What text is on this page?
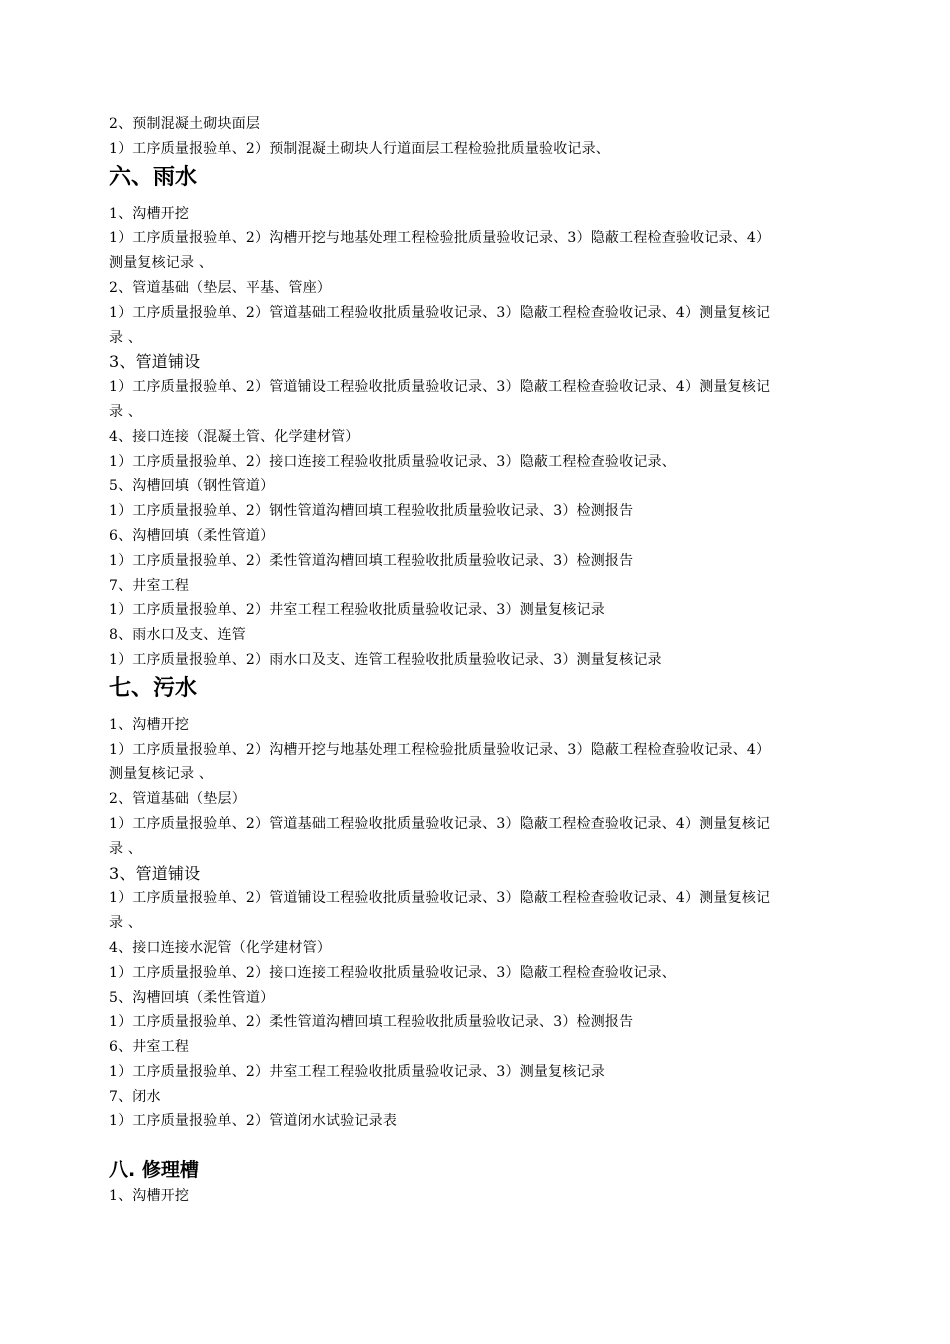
2、预制混凝土砌块面层
1）工序质量报验单、2）预制混凝土砌块人行道面层工程检验批质量验收记录、
六、雨水
1、沟槽开挖
1）工序质量报验单、2）沟槽开挖与地基处理工程检验批质量验收记录、3）隐蔽工程检查验收记录、4）
测量复核记录 、
2、管道基础（垫层、平基、管座）
1）工序质量报验单、2）管道基础工程验收批质量验收记录、3）隐蔽工程检查验收记录、4）测量复核记
录 、
3、管道铺设
1）工序质量报验单、2）管道铺设工程验收批质量验收记录、3）隐蔽工程检查验收记录、4）测量复核记
录 、
4、接口连接（混凝土管、化学建材管）
1）工序质量报验单、2）接口连接工程验收批质量验收记录、3）隐蔽工程检查验收记录、
5、沟槽回填（钢性管道）
1）工序质量报验单、2）钢性管道沟槽回填工程验收批质量验收记录、3）检测报告
6、沟槽回填（柔性管道）
1）工序质量报验单、2）柔性管道沟槽回填工程验收批质量验收记录、3）检测报告
7、井室工程
1）工序质量报验单、2）井室工程工程验收批质量验收记录、3）测量复核记录
8、雨水口及支、连管
1）工序质量报验单、2）雨水口及支、连管工程验收批质量验收记录、3）测量复核记录
七、污水
1、沟槽开挖
1）工序质量报验单、2）沟槽开挖与地基处理工程检验批质量验收记录、3）隐蔽工程检查验收记录、4）
测量复核记录 、
2、管道基础（垫层）
1）工序质量报验单、2）管道基础工程验收批质量验收记录、3）隐蔽工程检查验收记录、4）测量复核记
录 、
3、管道铺设
1）工序质量报验单、2）管道铺设工程验收批质量验收记录、3）隐蔽工程检查验收记录、4）测量复核记
录 、
4、接口连接水泥管（化学建材管）
1）工序质量报验单、2）接口连接工程验收批质量验收记录、3）隐蔽工程检查验收记录、
5、沟槽回填（柔性管道）
1）工序质量报验单、2）柔性管道沟槽回填工程验收批质量验收记录、3）检测报告
6、井室工程
1）工序质量报验单、2）井室工程工程验收批质量验收记录、3）测量复核记录
7、闭水
1）工序质量报验单、2）管道闭水试验记录表
八. 修理槽
1、沟槽开挖
